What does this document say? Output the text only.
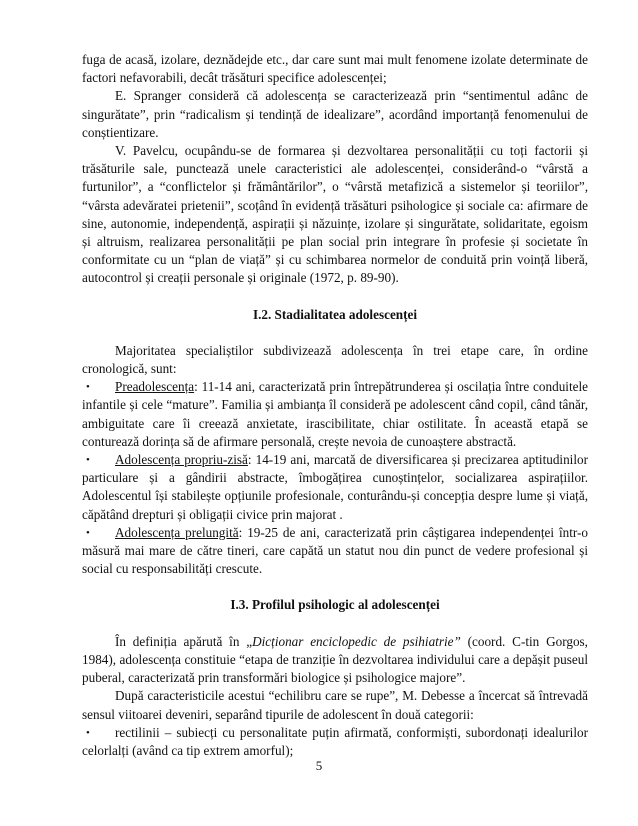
fuga de acasă, izolare, deznădejde etc., dar care sunt mai mult fenomene izolate determinate de factori nefavorabili, decât trăsături specifice adolescenței;

E. Spranger consideră că adolescența se caracterizează prin “sentimentul adânc de singurătate”, prin “radicalism și tendință de idealizare”, acordând importanță fenomenului de conștientizare.

V. Pavelcu, ocupându-se de formarea și dezvoltarea personalității cu toți factorii și trăsăturile sale, punctează unele caracteristici ale adolescenței, considerând-o “vârstă a furtunilor”, a “conflictelor și frământărilor”, o “vârstă metafizică a sistemelor și teoriilor”, “vârsta adevăratei prietenii”, scoțând în evidență trăsături psihologice și sociale ca: afirmare de sine, autonomie, independență, aspirații și năzuințe, izolare și singurătate, solidaritate, egoism și altruism, realizarea personalității pe plan social prin integrare în profesie și societate în conformitate cu un “plan de viață” și cu schimbarea normelor de conduită prin voință liberă, autocontrol și creații personale și originale (1972, p. 89-90).

I.2. Stadialitatea adolescenței

Majoritatea specialiștilor subdivizează adolescența în trei etape care, în ordine cronologică, sunt:

• Preadolescența: 11-14 ani, caracterizată prin întrepătrunderea și oscilația între conduitele infantile și cele “mature”. Familia și ambianța îl consideră pe adolescent când copil, când tânăr, ambiguitate care îi creează anxietate, irascibilitate, chiar ostilitate. În această etapă se conturează dorința să de afirmare personală, crește nevoia de cunoaștere abstractă.

• Adolescența propriu-zisă: 14-19 ani, marcată de diversificarea și precizarea aptitudinilor particulare și a gândirii abstracte, îmbogățirea cunoștințelor, socializarea aspirațiilor. Adolescentul își stabilește opțiunile profesionale, conturându-și concepția despre lume și viață, căpătând drepturi și obligații civice prin majorat .

• Adolescența prelungită: 19-25 de ani, caracterizată prin câștigarea independenței într-o măsură mai mare de către tineri, care capătă un statut nou din punct de vedere profesional și social cu responsabilități crescute.

I.3. Profilul psihologic al adolescenței

În definiția apărută în „Dicționar enciclopedic de psihiatrie” (coord. C-tin Gorgos, 1984), adolescența constituie “etapa de tranziție în dezvoltarea individului care a depășit puseul puberal, caracterizată prin transformări biologice și psihologice majore”.

După caracteristicile acestui “echilibru care se rupe”, M. Debesse a încercat să întrevadă sensul viitoarei deveniri, separând tipurile de adolescent în două categorii:

• rectilinii – subiecți cu personalitate puțin afirmată, conformiști, subordonați idealurilor celorlalți (având ca tip extrem amorful);

5
